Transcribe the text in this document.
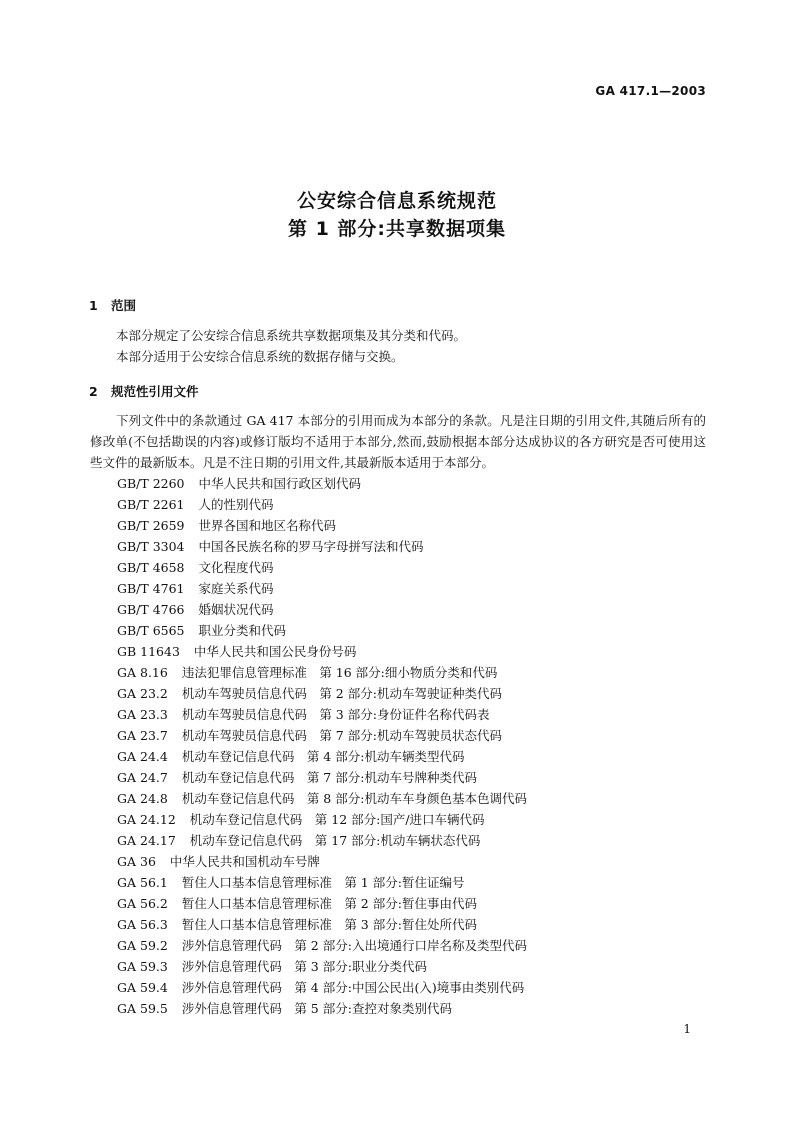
GA 417.1—2003
公安综合信息系统规范
第 1 部分:共享数据项集
1 范围
本部分规定了公安综合信息系统共享数据项集及其分类和代码。
本部分适用于公安综合信息系统的数据存储与交换。
2 规范性引用文件
下列文件中的条款通过 GA 417 本部分的引用而成为本部分的条款。凡是注日期的引用文件,其随后所有的修改单(不包括勘误的内容)或修订版均不适用于本部分,然而,鼓励根据本部分达成协议的各方研究是否可使用这些文件的最新版本。凡是不注日期的引用文件,其最新版本适用于本部分。
GB/T 2260 中华人民共和国行政区划代码
GB/T 2261 人的性别代码
GB/T 2659 世界各国和地区名称代码
GB/T 3304 中国各民族名称的罗马字母拼写法和代码
GB/T 4658 文化程度代码
GB/T 4761 家庭关系代码
GB/T 4766 婚姻状况代码
GB/T 6565 职业分类和代码
GB 11643 中华人民共和国公民身份号码
GA 8.16 违法犯罪信息管理标准　第 16 部分:细小物质分类和代码
GA 23.2 机动车驾驶员信息代码　第 2 部分:机动车驾驶证种类代码
GA 23.3 机动车驾驶员信息代码　第 3 部分:身份证件名称代码表
GA 23.7 机动车驾驶员信息代码　第 7 部分:机动车驾驶员状态代码
GA 24.4 机动车登记信息代码　第 4 部分:机动车辆类型代码
GA 24.7 机动车登记信息代码　第 7 部分:机动车号牌种类代码
GA 24.8 机动车登记信息代码　第 8 部分:机动车车身颜色基本色调代码
GA 24.12 机动车登记信息代码　第 12 部分:国产/进口车辆代码
GA 24.17 机动车登记信息代码　第 17 部分:机动车辆状态代码
GA 36 中华人民共和国机动车号牌
GA 56.1 暂住人口基本信息管理标准　第 1 部分:暂住证编号
GA 56.2 暂住人口基本信息管理标准　第 2 部分:暂住事由代码
GA 56.3 暂住人口基本信息管理标准　第 3 部分:暂住处所代码
GA 59.2 涉外信息管理代码　第 2 部分:入出境通行口岸名称及类型代码
GA 59.3 涉外信息管理代码　第 3 部分:职业分类代码
GA 59.4 涉外信息管理代码　第 4 部分:中国公民出(入)境事由类别代码
GA 59.5 涉外信息管理代码　第 5 部分:查控对象类别代码
1
